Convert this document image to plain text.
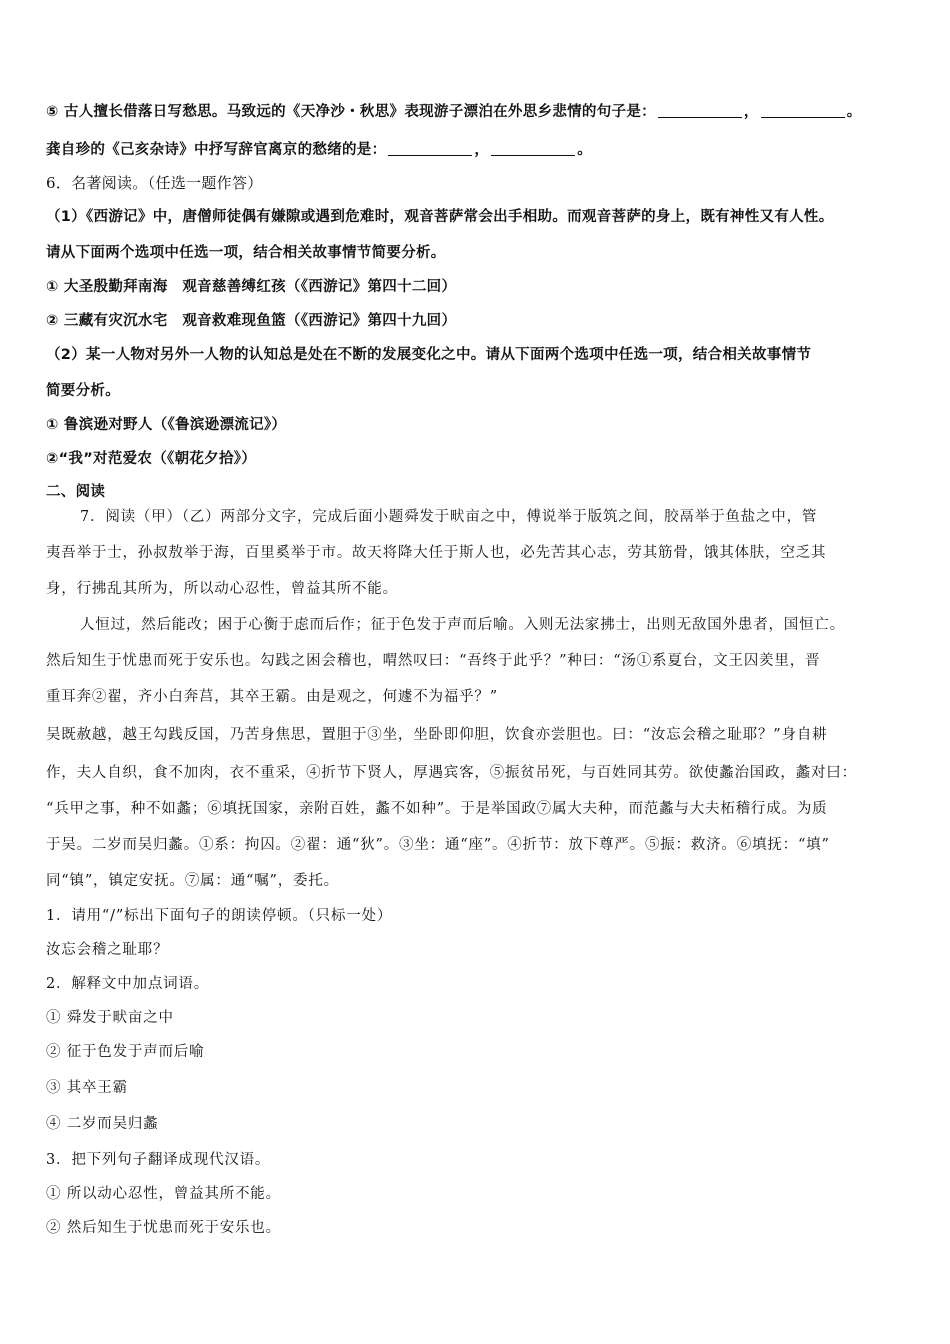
⑤ 古人擅长借落日写愁思。马致远的《天净沙・秋思》表现游子漂泊在外思乡悲情的句子是：	，	。
龚自珍的《己亥杂诗》中抒写辞官离京的愁绪的是：	，	。
6．名著阅读。（任选一题作答）
（1）《西游记》中，唐僧师徒偶有嫌隙或遇到危难时，观音菩萨常会出手相助。而观音菩萨的身上，既有神性又有人性。
请从下面两个选项中任选一项，结合相关故事情节简要分析。
① 大圣殷勤拜南海　观音慈善缚红孩（《西游记》第四十二回）
② 三藏有灾沉水宅　观音救难现鱼篮（《西游记》第四十九回）
（2）某一人物对另外一人物的认知总是处在不断的发展变化之中。请从下面两个选项中任选一项，结合相关故事情节
简要分析。
① 鲁滨逊对野人（《鲁滨逊漂流记》）
②“我”对范爱农（《朝花夕拾》）
二、阅读
7．阅读（甲）（乙）两部分文字，完成后面小题舜发于畎亩之中，傅说举于版筑之间，胶鬲举于鱼盐之中，管
夷吾举于士，孙叔敖举于海，百里奚举于市。故天将降大任于斯人也，必先苦其心志，劳其筋骨，饿其体肤，空乏其
身，行拂乱其所为，所以动心忍性，曾益其所不能。
人恒过，然后能改；困于心衡于虑而后作；征于色发于声而后喻。入则无法家拂士，出则无敌国外患者，国恒亡。
然后知生于忧患而死于安乐也。勾践之困会稽也，喟然叹曰：“吾终于此乎？”种曰：“汤①系夏台，文王囚羑里，晋
重耳奔②翟，齐小白奔莒，其卒王霸。由是观之，何遽不为福乎？”
吴既赦越，越王勾践反国，乃苦身焦思，置胆于③坐，坐卧即仰胆，饮食亦尝胆也。曰：“汝忘会稽之耻耶？”身自耕
作，夫人自织，食不加肉，衣不重采，④折节下贤人，厚遇宾客，⑤振贫吊死，与百姓同其劳。欲使蠡治国政，蠡对曰：
“兵甲之事，种不如蠡；⑥填抚国家，亲附百姓，蠡不如种”。于是举国政⑦属大夫种，而范蠡与大夫柘稽行成。为质
于吴。二岁而吴归蠡。①系：拘囚。②翟：通“狄”。③坐：通“座”。④折节：放下尊严。⑤振：救济。⑥填抚：“填”
同“镇”，镇定安抚。⑦属：通“嘱”，委托。
1．请用“/”标出下面句子的朗读停顿。（只标一处）
汝忘会稽之耻耶？
2．解释文中加点词语。
① 舜发于畎亩之中
② 征于色发于声而后喻
③ 其卒王霸
④ 二岁而吴归蠡
3．把下列句子翻译成现代汉语。
① 所以动心忍性，曾益其所不能。
② 然后知生于忧患而死于安乐也。
